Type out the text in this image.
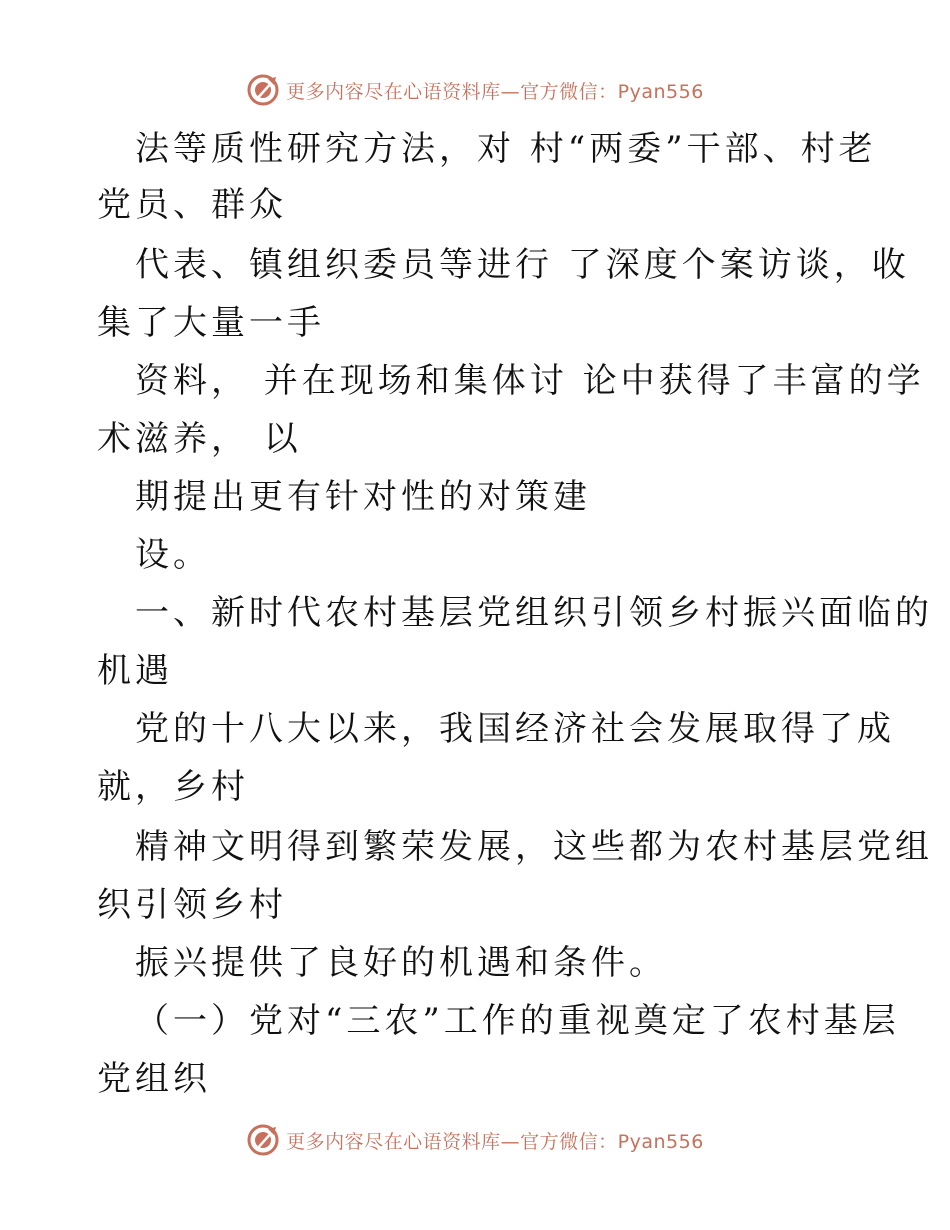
更多内容尽在心语资料库—官方微信：Pyan556
法等质性研究方法，对 村“两委”干部、村老
党员、群众
代表、镇组织委员等进行 了深度个案访谈，收
集了大量一手
资料， 并在现场和集体讨 论中获得了丰富的学
术滋养， 以
期提出更有针对性的对策建
设。
一、新时代农村基层党组织引领乡村振兴面临的
机遇
党的十八大以来，我国经济社会发展取得了成
就，乡村
精神文明得到繁荣发展，这些都为农村基层党组
织引领乡村
振兴提供了良好的机遇和条件。
（一）党对“三农”工作的重视奠定了农村基层
党组织
更多内容尽在心语资料库—官方微信：Pyan556
